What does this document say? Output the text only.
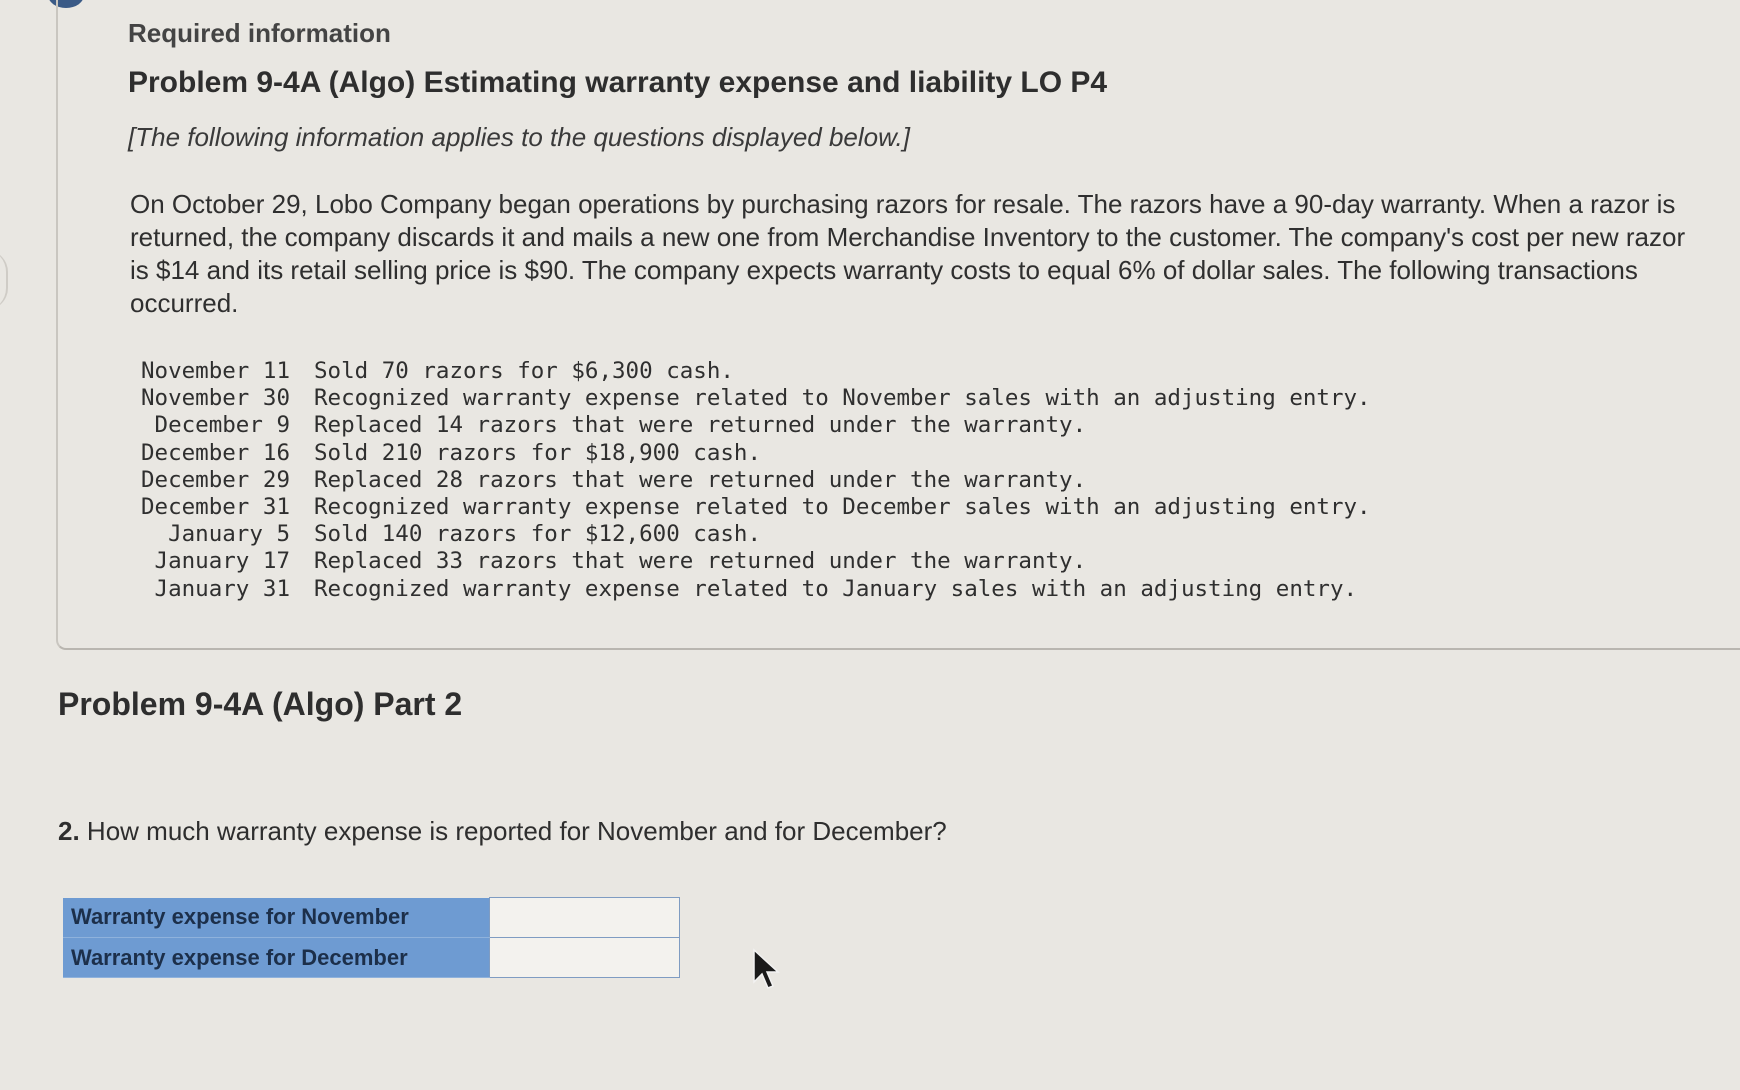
Required information
Problem 9-4A (Algo) Estimating warranty expense and liability LO P4
[The following information applies to the questions displayed below.]
On October 29, Lobo Company began operations by purchasing razors for resale. The razors have a 90-day warranty. When a razor is returned, the company discards it and mails a new one from Merchandise Inventory to the customer. The company's cost per new razor is $14 and its retail selling price is $90. The company expects warranty costs to equal 6% of dollar sales. The following transactions occurred.
November 11	Sold 70 razors for $6,300 cash.
November 30	Recognized warranty expense related to November sales with an adjusting entry.
December 9	Replaced 14 razors that were returned under the warranty.
December 16	Sold 210 razors for $18,900 cash.
December 29	Replaced 28 razors that were returned under the warranty.
December 31	Recognized warranty expense related to December sales with an adjusting entry.
January 5	Sold 140 razors for $12,600 cash.
January 17	Replaced 33 razors that were returned under the warranty.
January 31	Recognized warranty expense related to January sales with an adjusting entry.
Problem 9-4A (Algo) Part 2
2. How much warranty expense is reported for November and for December?
Warranty expense for November	
Warranty expense for December	
